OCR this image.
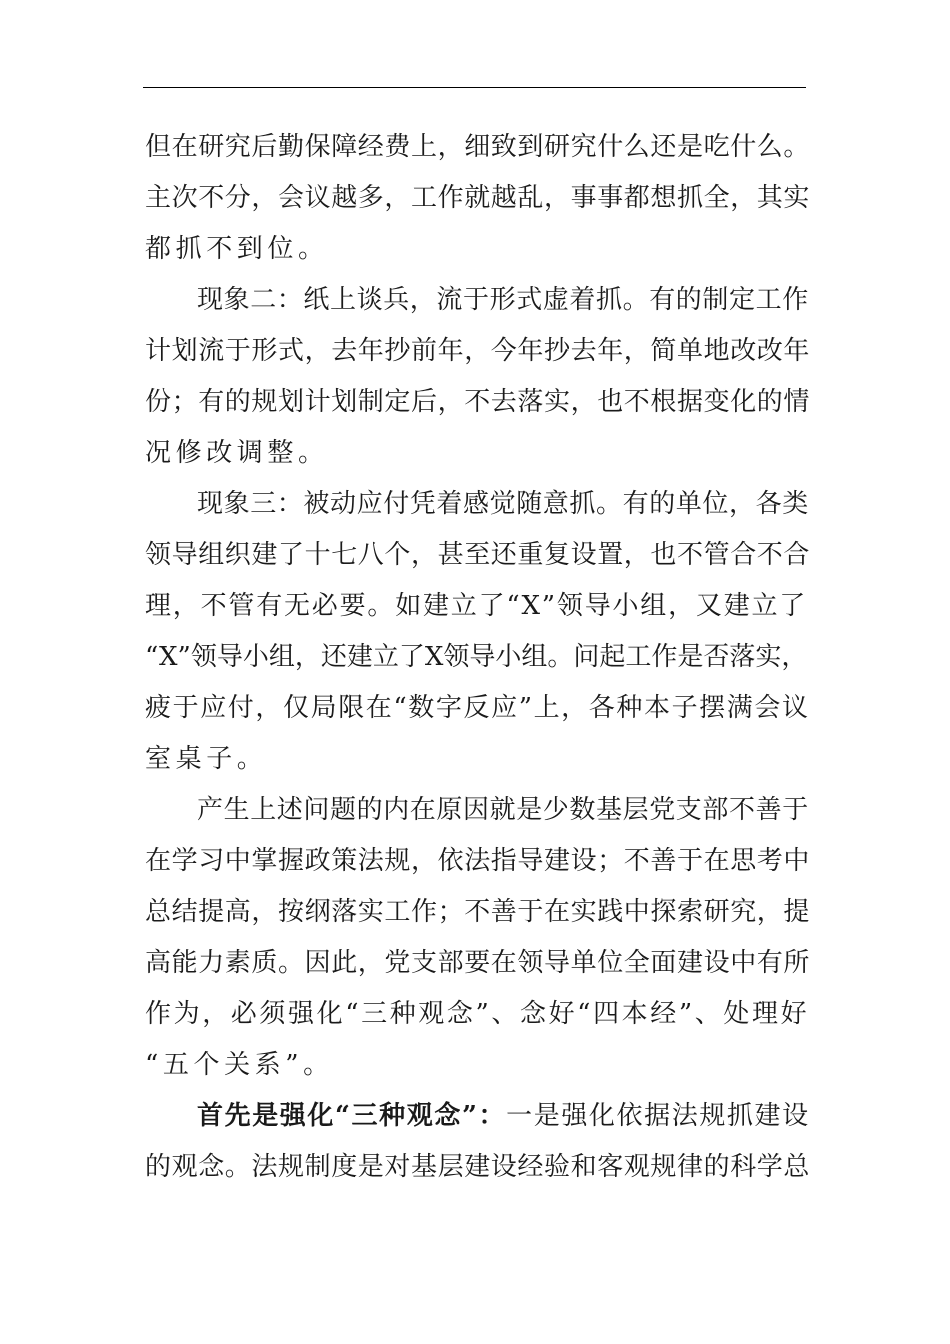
但在研究后勤保障经费上，细致到研究什么还是吃什么。
主次不分，会议越多，工作就越乱，事事都想抓全，其实
都抓不到位。
现象二：纸上谈兵，流于形式虚着抓。有的制定工作
计划流于形式，去年抄前年，今年抄去年，简单地改改年
份；有的规划计划制定后，不去落实，也不根据变化的情
况修改调整。
现象三：被动应付凭着感觉随意抓。有的单位，各类
领导组织建了十七八个，甚至还重复设置，也不管合不合
理，不管有无必要。如建立了“X”领导小组，又建立了
“X”领导小组，还建立了X领导小组。问起工作是否落实，
疲于应付，仅局限在“数字反应”上，各种本子摆满会议
室桌子。
产生上述问题的内在原因就是少数基层党支部不善于
在学习中掌握政策法规，依法指导建设；不善于在思考中
总结提高，按纲落实工作；不善于在实践中探索研究，提
高能力素质。因此，党支部要在领导单位全面建设中有所
作为，必须强化“三种观念”、念好“四本经”、处理好
“五个关系”。
首先是强化“三种观念”：一是强化依据法规抓建设
的观念。法规制度是对基层建设经验和客观规律的科学总
